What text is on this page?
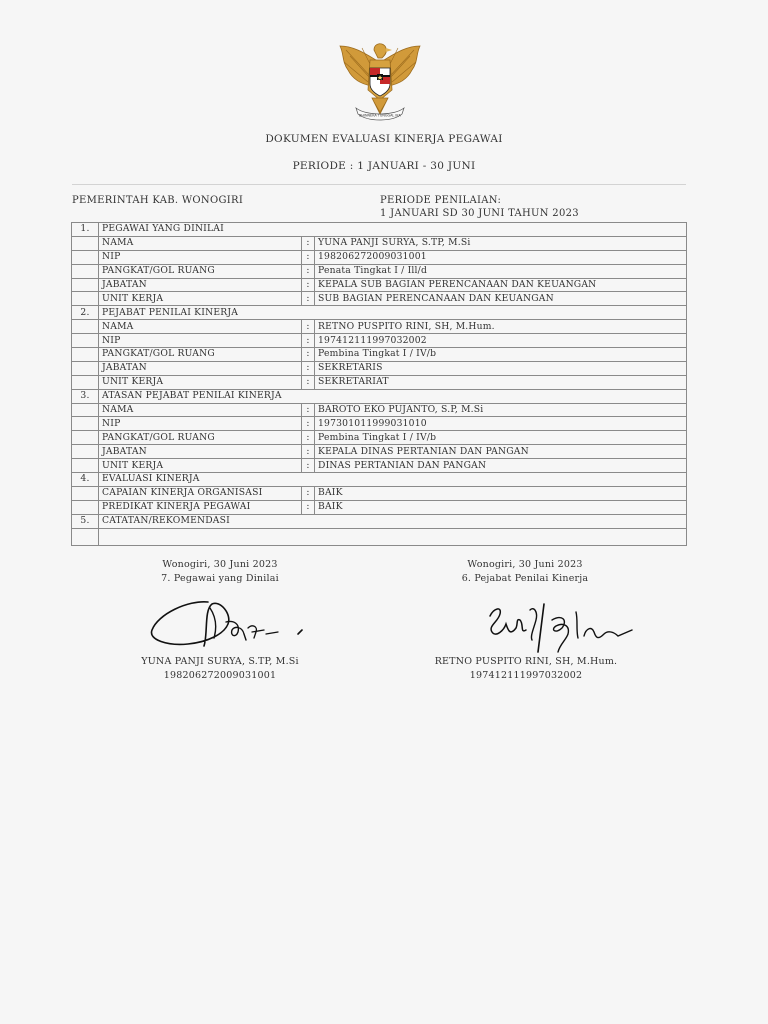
BHINNEKA TUNGGAL IKA
DOKUMEN EVALUASI KINERJA PEGAWAI
PERIODE : 1 JANUARI - 30 JUNI
PEMERINTAH KAB. WONOGIRI	PERIODE PENILAIAN:
1 JANUARI SD 30 JUNI TAHUN 2023
1.	PEGAWAI YANG DINILAI		
	NAMA	:	YUNA PANJI SURYA, S.TP, M.Si
	NIP	:	198206272009031001
	PANGKAT/GOL RUANG	:	Penata Tingkat I / Ill/d
	JABATAN	:	KEPALA SUB BAGIAN PERENCANAAN DAN KEUANGAN
	UNIT KERJA	:	SUB BAGIAN PERENCANAAN DAN KEUANGAN
2.	PEJABAT PENILAI KINERJA		
	NAMA	:	RETNO PUSPITO RINI, SH, M.Hum.
	NIP	:	197412111997032002
	PANGKAT/GOL RUANG	:	Pembina Tingkat I / IV/b
	JABATAN	:	SEKRETARIS
	UNIT KERJA	:	SEKRETARIAT
3.	ATASAN PEJABAT PENILAI KINERJA		
	NAMA	:	BAROTO EKO PUJANTO, S.P, M.Si
	NIP	:	197301011999031010
	PANGKAT/GOL RUANG	:	Pembina Tingkat I / IV/b
	JABATAN	:	KEPALA DINAS PERTANIAN DAN PANGAN
	UNIT KERJA	:	DINAS PERTANIAN DAN PANGAN
4.	EVALUASI KINERJA		
	CAPAIAN KINERJA ORGANISASI	:	BAIK
	PREDIKAT KINERJA PEGAWAI	:	BAIK
5.	CATATAN/REKOMENDASI		

Wonogiri, 30 Juni 2023
7. Pegawai yang Dinilai
Wonogiri, 30 Juni 2023
6. Pejabat Penilai Kinerja
YUNA PANJI SURYA, S.TP, M.Si
198206272009031001
RETNO PUSPITO RINI, SH, M.Hum.
197412111997032002
